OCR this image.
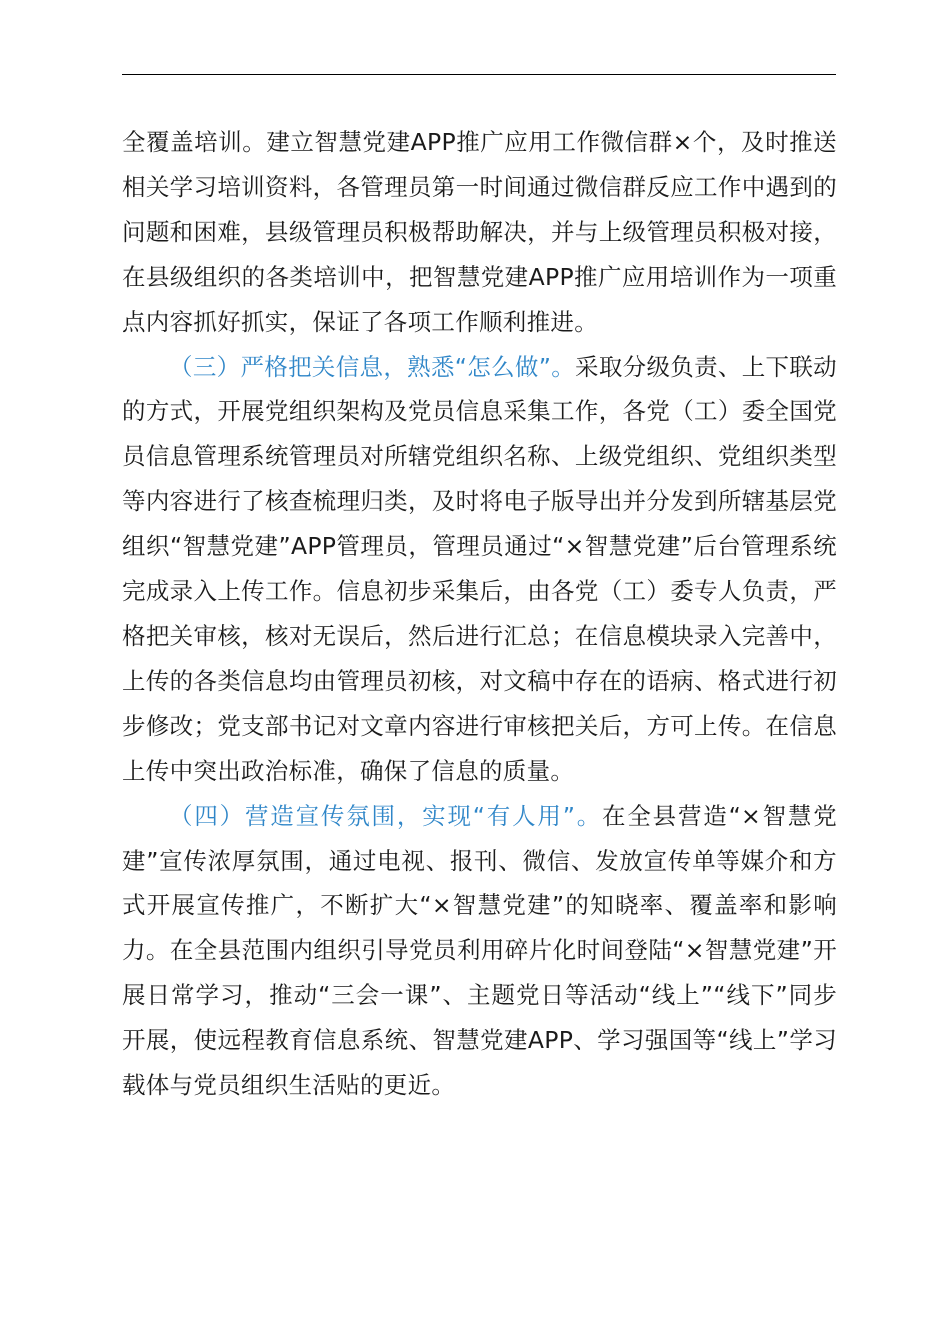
全覆盖培训。建立智慧党建APP推广应用工作微信群×个，及时推送相关学习培训资料，各管理员第一时间通过微信群反应工作中遇到的问题和困难，县级管理员积极帮助解决，并与上级管理员积极对接，在县级组织的各类培训中，把智慧党建APP推广应用培训作为一项重点内容抓好抓实，保证了各项工作顺利推进。

（三）严格把关信息，熟悉“怎么做”。采取分级负责、上下联动的方式，开展党组织架构及党员信息采集工作，各党（工）委全国党员信息管理系统管理员对所辖党组织名称、上级党组织、党组织类型等内容进行了核查梳理归类，及时将电子版导出并分发到所辖基层党组织“智慧党建”APP管理员，管理员通过“×智慧党建”后台管理系统完成录入上传工作。信息初步采集后，由各党（工）委专人负责，严格把关审核，核对无误后，然后进行汇总；在信息模块录入完善中，上传的各类信息均由管理员初核，对文稿中存在的语病、格式进行初步修改；党支部书记对文章内容进行审核把关后，方可上传。在信息上传中突出政治标准，确保了信息的质量。

（四）营造宣传氛围，实现“有人用”。在全县营造“×智慧党建”宣传浓厚氛围，通过电视、报刊、微信、发放宣传单等媒介和方式开展宣传推广，不断扩大“×智慧党建”的知晓率、覆盖率和影响力。在全县范围内组织引导党员利用碎片化时间登陆“×智慧党建”开展日常学习，推动“三会一课”、主题党日等活动“线上”“线下”同步开展，使远程教育信息系统、智慧党建APP、学习强国等“线上”学习载体与党员组织生活贴的更近。
